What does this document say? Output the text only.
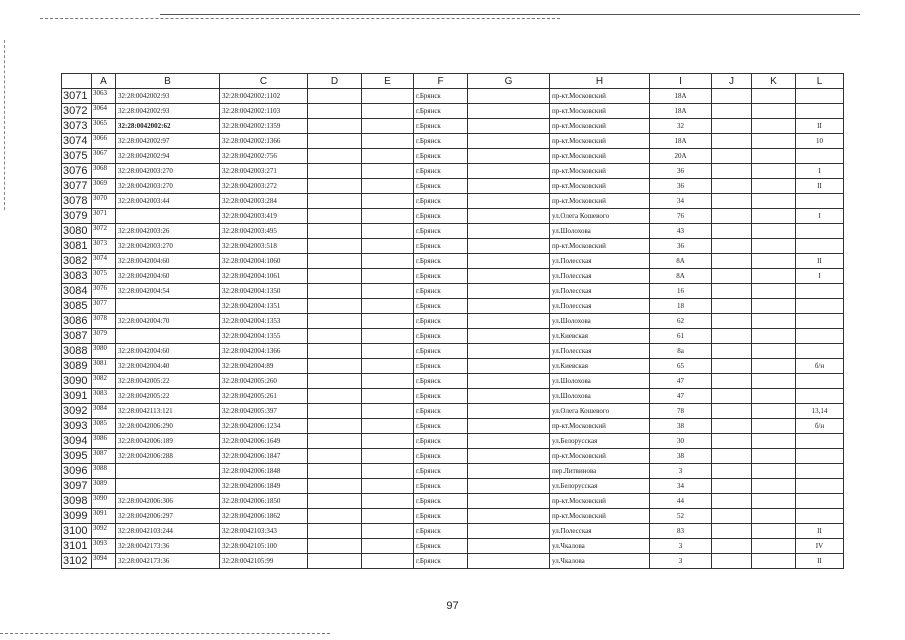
	A	B	C	D	E	F	G	H	I	J	K	L
3071	3063	32:28:0042002:93	32:28:0042002:1102			г.Брянск		пр-кт.Московский	18А			
3072	3064	32:28:0042002:93	32:28:0042002:1103			г.Брянск		пр-кт.Московский	18А			
3073	3065	32:28:0042002:62	32:28:0042002:1359			г.Брянск		пр-кт.Московский	32			II
3074	3066	32:28:0042002:97	32:28:0042002:1366			г.Брянск		пр-кт.Московский	18А			10
3075	3067	32:28:0042002:94	32:28:0042002:756			г.Брянск		пр-кт.Московский	20А			
3076	3068	32:28:0042003:270	32:28:0042003:271			г.Брянск		пр-кт.Московский	36			I
3077	3069	32:28:0042003:270	32:28:0042003:272			г.Брянск		пр-кт.Московский	36			II
3078	3070	32:28:0042003:44	32:28:0042003:284			г.Брянск		пр-кт.Московский	34			
3079	3071		32:28:0042003:419			г.Брянск		ул.Олега Кошевого	76			I
3080	3072	32:28:0042003:26	32:28:0042003:495			г.Брянск		ул.Шолохова	43			
3081	3073	32:28:0042003:270	32:28:0042003:518			г.Брянск		пр-кт.Московский	36			
3082	3074	32:28:0042004:60	32:28:0042004:1060			г.Брянск		ул.Полесская	8А			II
3083	3075	32:28:0042004:60	32:28:0042004:1061			г.Брянск		ул.Полесская	8А			I
3084	3076	32:28:0042004:54	32:28:0042004:1350			г.Брянск		ул.Полесская	16			
3085	3077		32:28:0042004:1351			г.Брянск		ул.Полесская	18			
3086	3078	32:28:0042004:70	32:28:0042004:1353			г.Брянск		ул.Шолохова	62			
3087	3079		32:28:0042004:1355			г.Брянск		ул.Киевская	61			
3088	3080	32:28:0042004:60	32:28:0042004:1366			г.Брянск		ул.Полесская	8а			
3089	3081	32:28:0042004:40	32:28:0042004:89			г.Брянск		ул.Киевская	65			б/н
3090	3082	32:28:0042005:22	32:28:0042005:260			г.Брянск		ул.Шолохова	47			
3091	3083	32:28:0042005:22	32:28:0042005:261			г.Брянск		ул.Шолохова	47			
3092	3084	32:28:0042113:121	32:28:0042005:397			г.Брянск		ул.Олега Кошевого	78			13,14
3093	3085	32:28:0042006:290	32:28:0042006:1234			г.Брянск		пр-кт.Московский	38			б/н
3094	3086	32:28:0042006:189	32:28:0042006:1649			г.Брянск		ул.Белорусская	30			
3095	3087	32:28:0042006:288	32:28:0042006:1847			г.Брянск		пр-кт.Московский	38			
3096	3088		32:28:0042006:1848			г.Брянск		пер.Литвинова	3			
3097	3089		32:28:0042006:1849			г.Брянск		ул.Белорусская	34			
3098	3090	32:28:0042006:306	32:28:0042006:1850			г.Брянск		пр-кт.Московский	44			
3099	3091	32:28:0042006:297	32:28:0042006:1862			г.Брянск		пр-кт.Московский	52			
3100	3092	32:28:0042103:244	32:28:0042103:343			г.Брянск		ул.Полесская	83			II
3101	3093	32:28:0042173:36	32:28:0042105:100			г.Брянск		ул.Чкалова	3			IV
3102	3094	32:28:0042173:36	32:28:0042105:99			г.Брянск		ул.Чкалова	3			II
97
